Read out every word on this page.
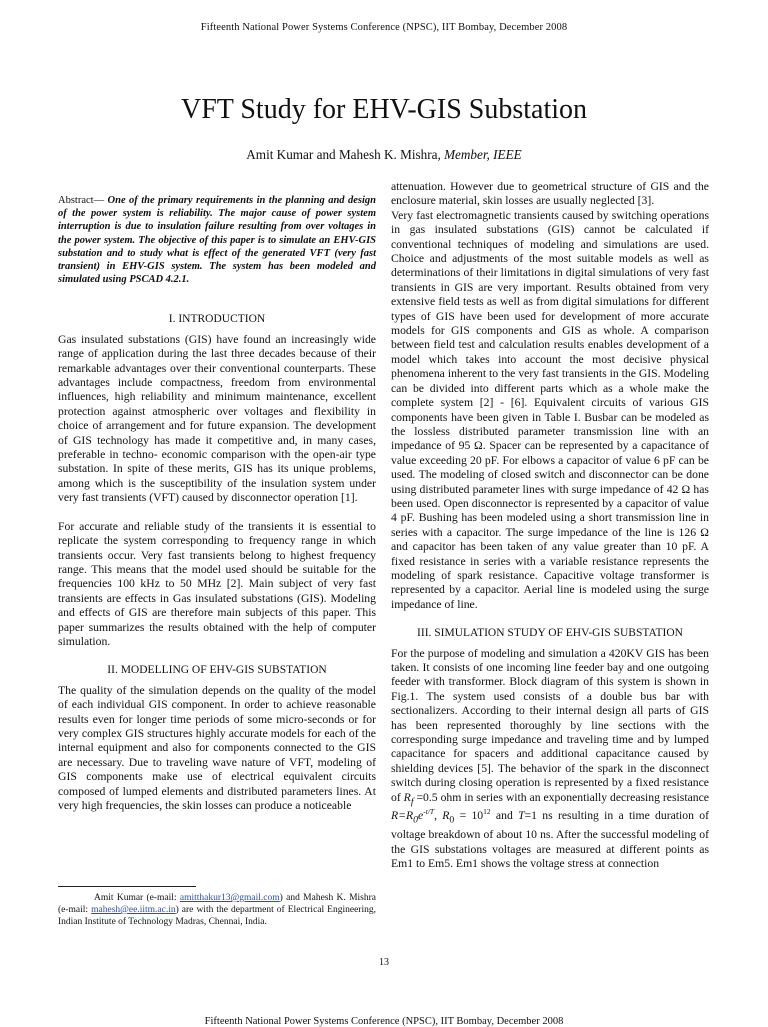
Fifteenth National Power Systems Conference (NPSC), IIT Bombay, December 2008
VFT Study for EHV-GIS Substation
Amit Kumar and Mahesh K. Mishra, Member, IEEE

Abstract— One of the primary requirements in the planning and design of the power system is reliability. The major cause of power system interruption is due to insulation failure resulting from over voltages in the power system. The objective of this paper is to simulate an EHV-GIS substation and to study what is effect of the generated VFT (very fast transient) in EHV-GIS system. The system has been modeled and simulated using PSCAD 4.2.1.

I. INTRODUCTION

Gas insulated substations (GIS) have found an increasingly wide range of application during the last three decades because of their remarkable advantages over their conventional counterparts. These advantages include compactness, freedom from environmental influences, high reliability and minimum maintenance, excellent protection against atmospheric over voltages and flexibility in choice of arrangement and for future expansion. The development of GIS technology has made it competitive and, in many cases, preferable in techno- economic comparison with the open-air type substation. In spite of these merits, GIS has its unique problems, among which is the susceptibility of the insulation system under very fast transients (VFT) caused by disconnector operation [1].

For accurate and reliable study of the transients it is essential to replicate the system corresponding to frequency range in which transients occur. Very fast transients belong to highest frequency range. This means that the model used should be suitable for the frequencies 100 kHz to 50 MHz [2]. Main subject of very fast transients are effects in Gas insulated substations (GIS). Modeling and effects of GIS are therefore main subjects of this paper. This paper summarizes the results obtained with the help of computer simulation.

II. MODELLING OF EHV-GIS SUBSTATION

The quality of the simulation depends on the quality of the model of each individual GIS component. In order to achieve reasonable results even for longer time periods of some micro-seconds or for very complex GIS structures highly accurate models for each of the internal equipment and also for components connected to the GIS are necessary. Due to traveling wave nature of VFT, modeling of GIS components make use of electrical equivalent circuits composed of lumped elements and distributed parameters lines. At very high frequencies, the skin losses can produce a noticeable

attenuation. However due to geometrical structure of GIS and the enclosure material, skin losses are usually neglected [3].

Very fast electromagnetic transients caused by switching operations in gas insulated substations (GIS) cannot be calculated if conventional techniques of modeling and simulations are used. Choice and adjustments of the most suitable models as well as determinations of their limitations in digital simulations of very fast transients in GIS are very important. Results obtained from very extensive field tests as well as from digital simulations for different types of GIS have been used for development of more accurate models for GIS components and GIS as whole. A comparison between field test and calculation results enables development of a model which takes into account the most decisive physical phenomena inherent to the very fast transients in the GIS. Modeling can be divided into different parts which as a whole make the complete system [2] - [6]. Equivalent circuits of various GIS components have been given in Table I. Busbar can be modeled as the lossless distributed parameter transmission line with an impedance of 95 Ω. Spacer can be represented by a capacitance of value exceeding 20 pF. For elbows a capacitor of value 6 pF can be used. The modeling of closed switch and disconnector can be done using distributed parameter lines with surge impedance of 42 Ω has been used. Open disconnector is represented by a capacitor of value 4 pF. Bushing has been modeled using a short transmission line in series with a capacitor. The surge impedance of the line is 126 Ω and capacitor has been taken of any value greater than 10 pF. A fixed resistance in series with a variable resistance represents the modeling of spark resistance. Capacitive voltage transformer is represented by a capacitor. Aerial line is modeled using the surge impedance of line.

III. SIMULATION STUDY OF EHV-GIS SUBSTATION

For the purpose of modeling and simulation a 420KV GIS has been taken. It consists of one incoming line feeder bay and one outgoing feeder with transformer. Block diagram of this system is shown in Fig.1. The system used consists of a double bus bar with sectionalizers. According to their internal design all parts of GIS has been represented thoroughly by line sections with the corresponding surge impedance and traveling time and by lumped capacitance for spacers and additional capacitance caused by shielding devices [5]. The behavior of the spark in the disconnect switch during closing operation is represented by a fixed resistance of $R_f =0.5$ ohm in series with an exponentially decreasing resistance $R=R_0e^{-t/T}$, $R_0 = 10^{12}$ and T=1 ns resulting in a time duration of voltage breakdown of about 10 ns. After the successful modeling of the GIS substations voltages are measured at different points as Em1 to Em5. Em1 shows the voltage stress at connection

Amit Kumar (e-mail: amitthakur13@gmail.com) and Mahesh K. Mishra (e-mail: mahesh@ee.iitm.ac.in) are with the department of Electrical Engineering, Indian Institute of Technology Madras, Chennai, India.
13
Fifteenth National Power Systems Conference (NPSC), IIT Bombay, December 2008
